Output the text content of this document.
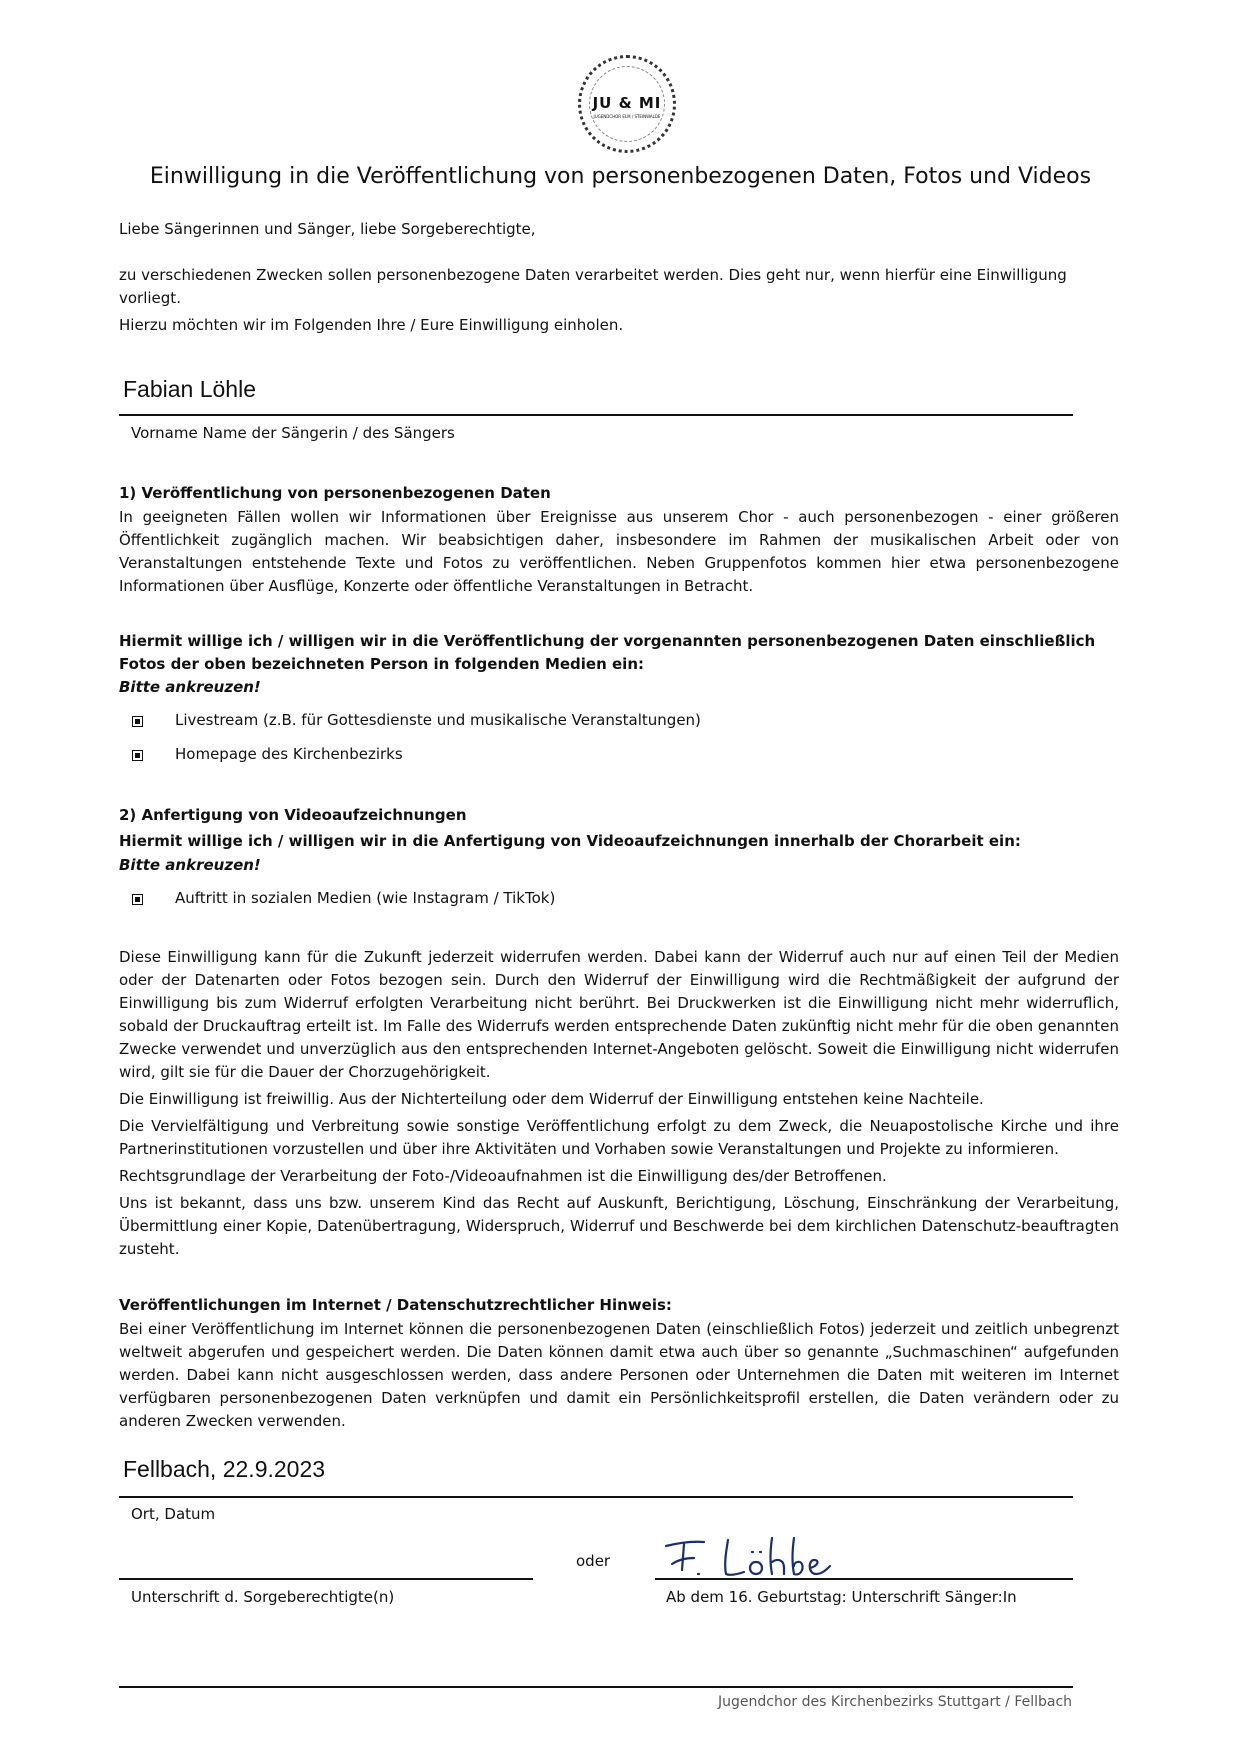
JU & MI
JUGENDCHOR ELM / STEINWALDE
Einwilligung in die Veröffentlichung von personenbezogenen Daten, Fotos und Videos
Liebe Sängerinnen und Sänger, liebe Sorgeberechtigte,
zu verschiedenen Zwecken sollen personenbezogene Daten verarbeitet werden. Dies geht nur, wenn hierfür eine Einwilligung vorliegt.
Hierzu möchten wir im Folgenden Ihre / Eure Einwilligung einholen.
Fabian Löhle
Vorname Name der Sängerin / des Sängers
1) Veröffentlichung von personenbezogenen Daten
In geeigneten Fällen wollen wir Informationen über Ereignisse aus unserem Chor - auch personenbezogen - einer größeren Öffentlichkeit zugänglich machen. Wir beabsichtigen daher, insbesondere im Rahmen der musikalischen Arbeit oder von Veranstaltungen entstehende Texte und Fotos zu veröffentlichen. Neben Gruppenfotos kommen hier etwa personenbezogene Informationen über Ausflüge, Konzerte oder öffentliche Veranstaltungen in Betracht.
Hiermit willige ich / willigen wir in die Veröffentlichung der vorgenannten personenbezogenen Daten einschließlich Fotos der oben bezeichneten Person in folgenden Medien ein:
Bitte ankreuzen!
Livestream (z.B. für Gottesdienste und musikalische Veranstaltungen)
Homepage des Kirchenbezirks
2) Anfertigung von Videoaufzeichnungen
Hiermit willige ich / willigen wir in die Anfertigung von Videoaufzeichnungen innerhalb der Chorarbeit ein:
Bitte ankreuzen!
Auftritt in sozialen Medien (wie Instagram / TikTok)
Diese Einwilligung kann für die Zukunft jederzeit widerrufen werden. Dabei kann der Widerruf auch nur auf einen Teil der Medien oder der Datenarten oder Fotos bezogen sein. Durch den Widerruf der Einwilligung wird die Rechtmäßigkeit der aufgrund der Einwilligung bis zum Widerruf erfolgten Verarbeitung nicht berührt. Bei Druckwerken ist die Einwilligung nicht mehr widerruflich, sobald der Druckauftrag erteilt ist. Im Falle des Widerrufs werden entsprechende Daten zukünftig nicht mehr für die oben genannten Zwecke verwendet und unverzüglich aus den entsprechenden Internet-Angeboten gelöscht. Soweit die Einwilligung nicht widerrufen wird, gilt sie für die Dauer der Chorzugehörigkeit.
Die Einwilligung ist freiwillig. Aus der Nichterteilung oder dem Widerruf der Einwilligung entstehen keine Nachteile.
Die Vervielfältigung und Verbreitung sowie sonstige Veröffentlichung erfolgt zu dem Zweck, die Neuapostolische Kirche und ihre Partnerinstitutionen vorzustellen und über ihre Aktivitäten und Vorhaben sowie Veranstaltungen und Projekte zu informieren.
Rechtsgrundlage der Verarbeitung der Foto-/Videoaufnahmen ist die Einwilligung des/der Betroffenen.
Uns ist bekannt, dass uns bzw. unserem Kind das Recht auf Auskunft, Berichtigung, Löschung, Einschränkung der Verarbeitung, Übermittlung einer Kopie, Datenübertragung, Widerspruch, Widerruf und Beschwerde bei dem kirchlichen Datenschutz-beauftragten zusteht.
Veröffentlichungen im Internet / Datenschutzrechtlicher Hinweis:
Bei einer Veröffentlichung im Internet können die personenbezogenen Daten (einschließlich Fotos) jederzeit und zeitlich unbegrenzt weltweit abgerufen und gespeichert werden. Die Daten können damit etwa auch über so genannte „Suchmaschinen“ aufgefunden werden. Dabei kann nicht ausgeschlossen werden, dass andere Personen oder Unternehmen die Daten mit weiteren im Internet verfügbaren personenbezogenen Daten verknüpfen und damit ein Persönlichkeitsprofil erstellen, die Daten verändern oder zu anderen Zwecken verwenden.
Fellbach, 22.9.2023
Ort, Datum
Unterschrift d. Sorgeberechtigte(n)
oder
Ab dem 16. Geburtstag: Unterschrift Sänger:In
Jugendchor des Kirchenbezirks Stuttgart / Fellbach
